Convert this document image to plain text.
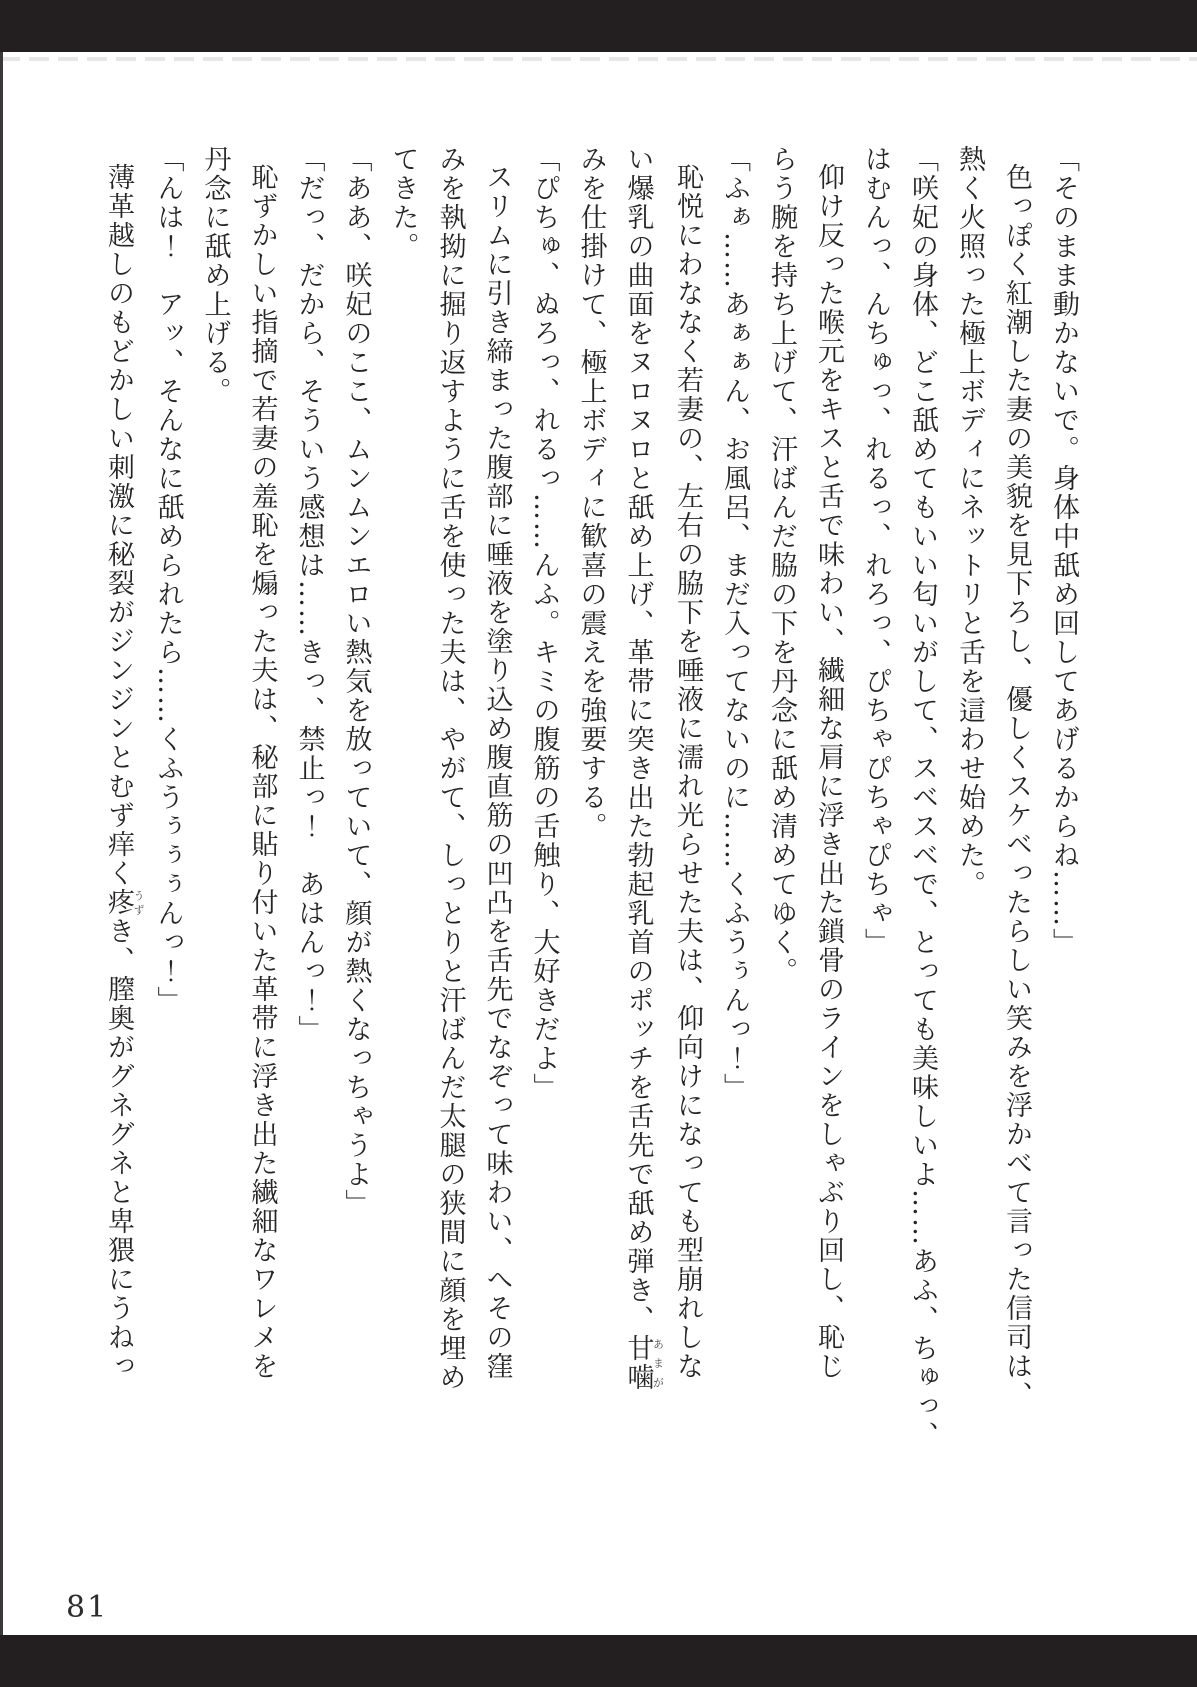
「そのまま動かないで。身体中舐め回してあげるからね……」

色っぽく紅潮した妻の美貌を見下ろし、優しくスケベったらしい笑みを浮かべて言った信司は、

熱く火照った極上ボディにネットリと舌を這わせ始めた。

「咲妃の身体、どこ舐めてもいい匂いがして、スベスベで、とっても美味しいよ……あふ、ちゅっ、

はむんっ、んちゅっ、れるっ、れろっ、ぴちゃぴちゃぴちゃ」

仰け反った喉元をキスと舌で味わい、繊細な肩に浮き出た鎖骨のラインをしゃぶり回し、恥じ

らう腕を持ち上げて、汗ばんだ脇の下を丹念に舐め清めてゆく。

「ふぁ……あぁぁん、お風呂、まだ入ってないのに……くふうぅんっ！」

恥悦にわななく若妻の、左右の脇下を唾液に濡れ光らせた夫は、仰向けになっても型崩れしな

い爆乳の曲面をヌロヌロと舐め上げ、革帯に突き出た勃起乳首のポッチを舌先で舐め弾き、甘噛あまが

みを仕掛けて、極上ボディに歓喜の震えを強要する。

「ぴちゅ、ぬろっ、れるっ……んふ。キミの腹筋の舌触り、大好きだよ」

スリムに引き締まった腹部に唾液を塗り込め腹直筋の凹凸を舌先でなぞって味わい、へその窪

みを執拗に掘り返すように舌を使った夫は、やがて、しっとりと汗ばんだ太腿の狭間に顔を埋め

てきた。

「ああ、咲妃のここ、ムンムンエロい熱気を放っていて、顔が熱くなっちゃうよ」

「だっ、だから、そういう感想は……きっ、禁止っ！　あはんっ！」

恥ずかしい指摘で若妻の羞恥を煽った夫は、秘部に貼り付いた革帯に浮き出た繊細なワレメを

丹念に舐め上げる。

「んは！　アッ、そんなに舐められたら……くふうぅぅぅんっ！」

薄革越しのもどかしい刺激に秘裂がジンジンとむず痒く疼うずき、膣奥がグネグネと卑猥にうねっ

81
